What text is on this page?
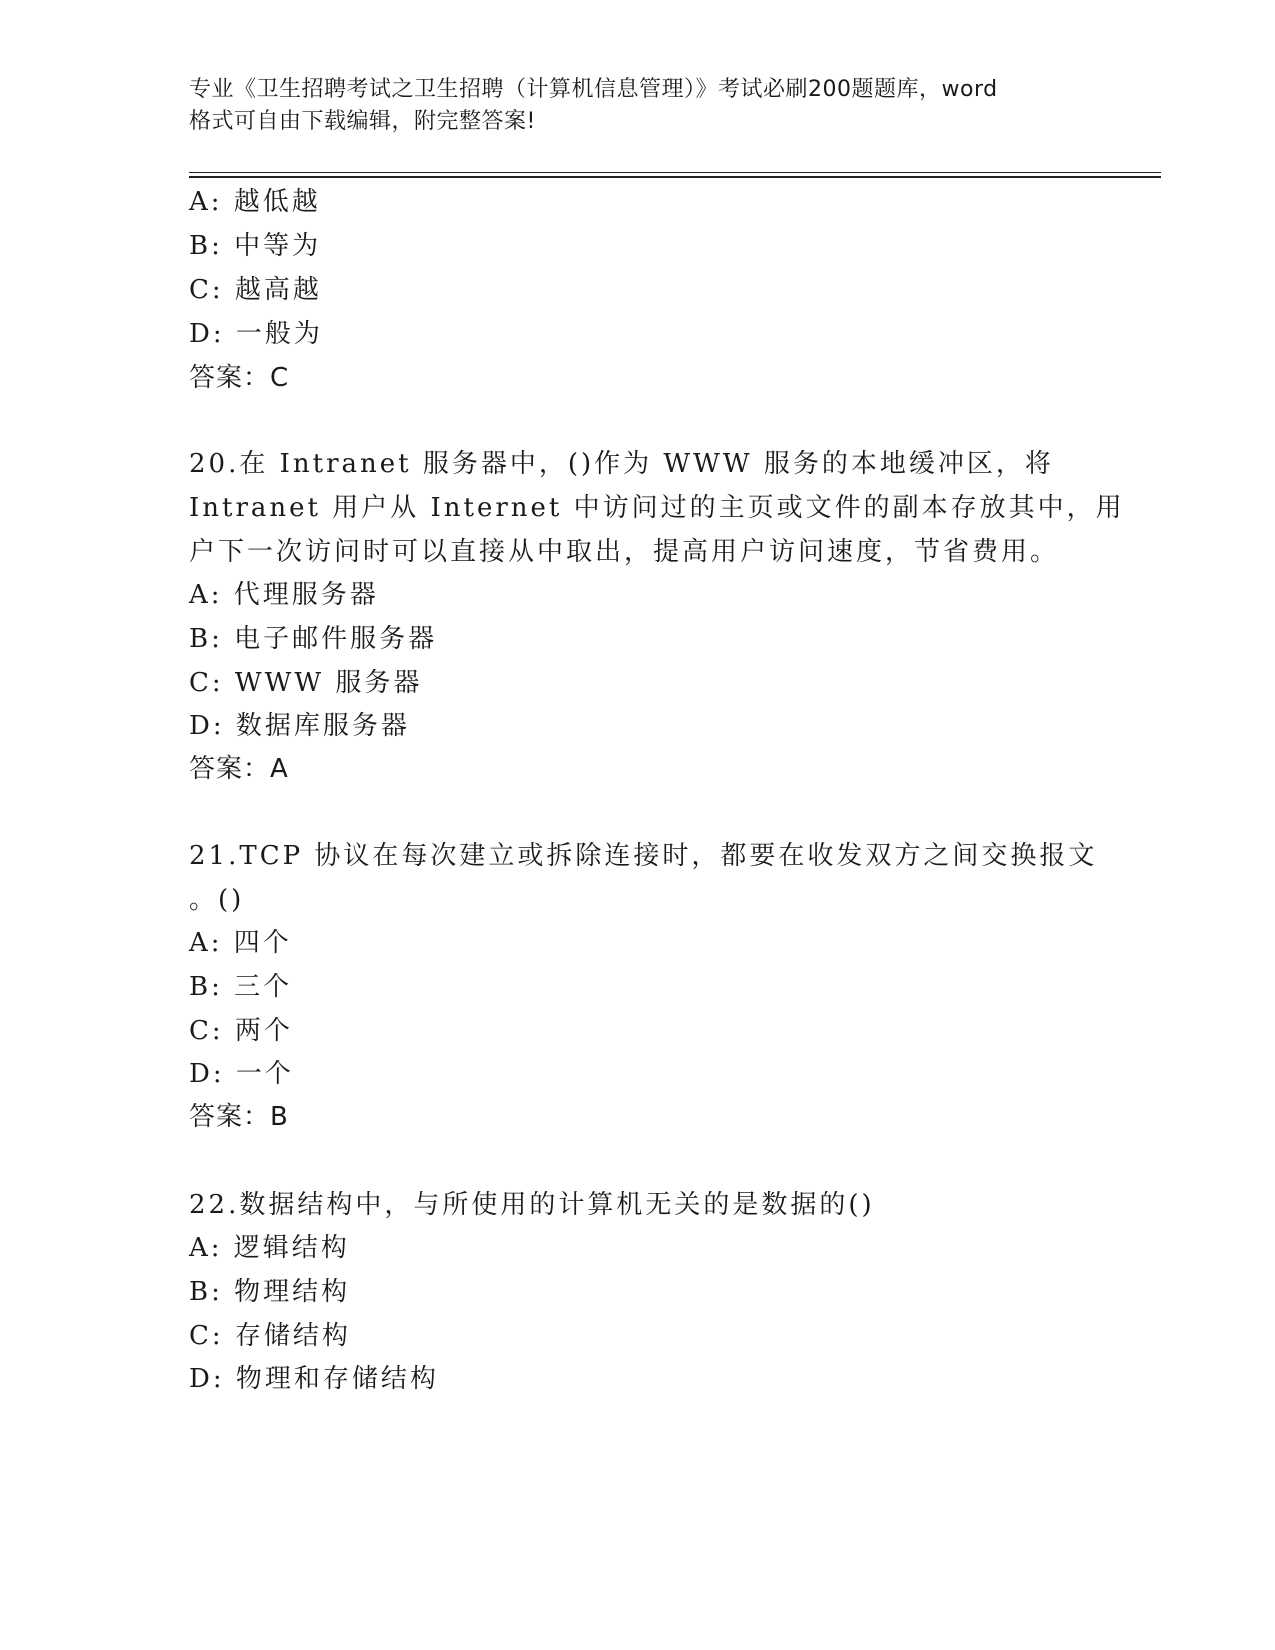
专业《卫生招聘考试之卫生招聘（计算机信息管理）》考试必刷200题题库，word
格式可自由下载编辑，附完整答案!
A: 越低越
B: 中等为
C: 越高越
D: 一般为
答案：C
20.在 Intranet 服务器中，()作为 WWW 服务的本地缓冲区，将
Intranet 用户从 Internet 中访问过的主页或文件的副本存放其中，用
户下一次访问时可以直接从中取出，提高用户访问速度，节省费用。
A: 代理服务器
B: 电子邮件服务器
C: WWW 服务器
D: 数据库服务器
答案：A
21.TCP 协议在每次建立或拆除连接时，都要在收发双方之间交换报文
。()
A: 四个
B: 三个
C: 两个
D: 一个
答案：B
22.数据结构中，与所使用的计算机无关的是数据的()
A: 逻辑结构
B: 物理结构
C: 存储结构
D: 物理和存储结构
